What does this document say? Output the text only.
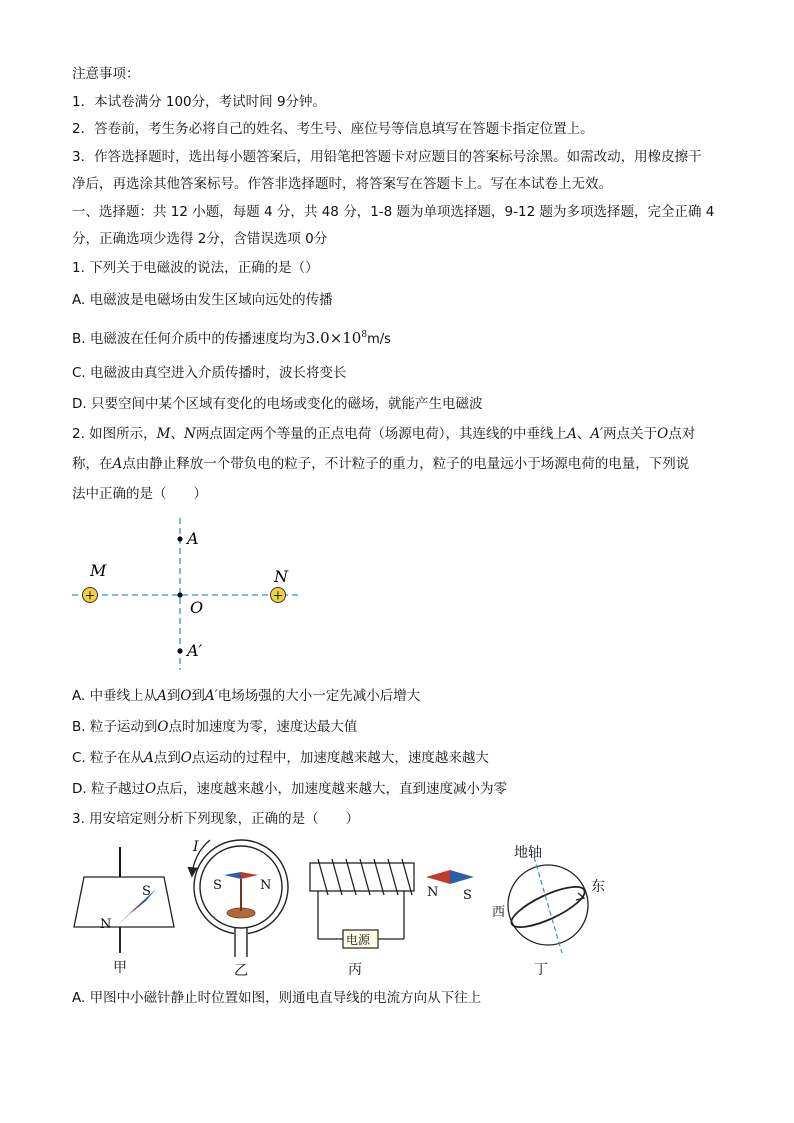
注意事项：
1．本试卷满分 100分，考试时间 9分钟。
2．答卷前，考生务必将自己的姓名、考生号、座位号等信息填写在答题卡指定位置上。
3．作答选择题时，选出每小题答案后，用铅笔把答题卡对应题目的答案标号涂黑。如需改动，用橡皮擦干
净后，再选涂其他答案标号。作答非选择题时，将答案写在答题卡上。写在本试卷上无效。
一、选择题：共 12 小题，每题 4 分，共 48 分，1-8 题为单项选择题，9-12 题为多项选择题，完全正确 4
分，正确选项少选得 2分，含错误选项 0分
1. 下列关于电磁波的说法，正确的是（）
A. 电磁波是电磁场由发生区域向远处的传播
B. 电磁波在任何介质中的传播速度均为$3.0\times 10^8m/s$
C. 电磁波由真空进入介质传播时，波长将变长
D. 只要空间中某个区域有变化的电场或变化的磁场，就能产生电磁波
2. 如图所示，M、N两点固定两个等量的正点电荷（场源电荷），其连线的中垂线上A、A′两点关于O点对
称，在A点由静止释放一个带负电的粒子，不计粒子的重力，粒子的电量远小于场源电荷的电量，下列说
法中正确的是（　　）
+	+
A
M	N
O
A′
A. 中垂线上从A到O到A′电场场强的大小一定先减小后增大
B. 粒子运动到O点时加速度为零，速度达最大值
C. 粒子在从A点到O点运动的过程中，加速度越来越大，速度越来越大
D. 粒子越过O点后，速度越来越小，加速度越来越大，直到速度减小为零
3. 用安培定则分析下列现象，正确的是（　　）
S
N
甲
I
S	N
乙
电源
N S
丙
地轴
东
西
丁
A. 甲图中小磁针静止时位置如图，则通电直导线的电流方向从下往上
